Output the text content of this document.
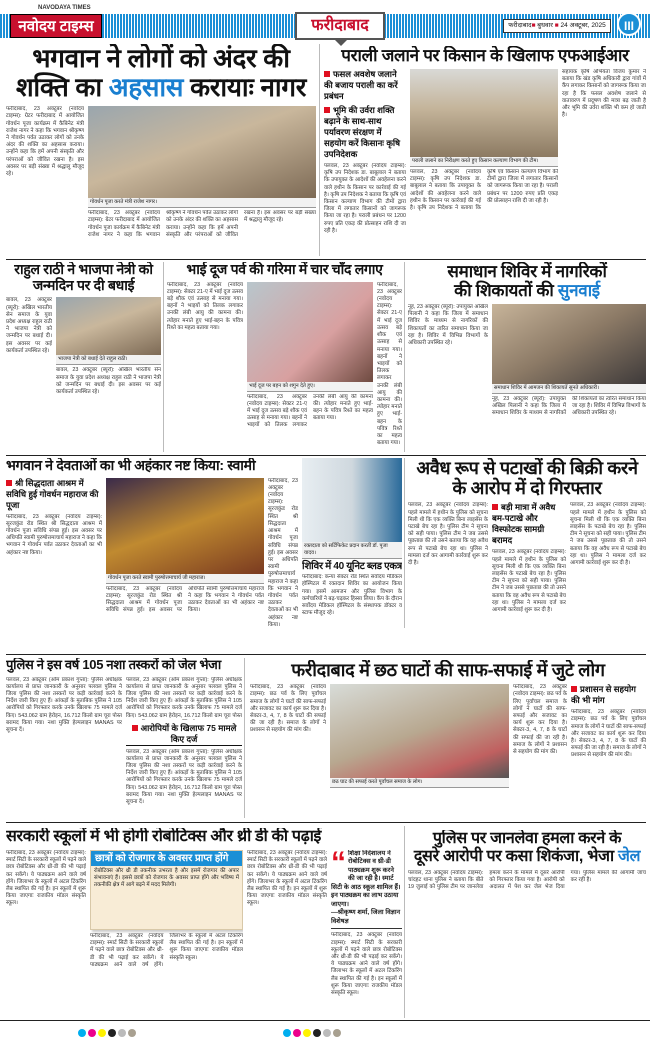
NAVODAYA TIMES
नवोदय टाइम्स	फरीदाबाद	फरीदाबाद■ बुधवार ■ 24 अक्टूबर, 2025	III
भगवान ने लोगों को अंदर की
शक्ति का अहसास करायाः नागर
फरीदाबाद, 23 अक्टूबर (नवोदय टाइम्स): ग्रेटर फरीदाबाद में आयोजित गोवर्धन पूजा कार्यक्रम में कैबिनेट मंत्री राजेश नागर ने कहा कि भगवान श्रीकृष्ण ने गोवर्धन पर्वत उठाकर लोगों को उनके अंदर की शक्ति का अहसास कराया। उन्होंने कहा कि हमें अपनी संस्कृति और परंपराओं को जीवित रखना है। इस अवसर पर बड़ी संख्या में श्रद्धालु मौजूद रहे।
गोवर्धन पूजा करते मंत्री राजेश नागर।
फरीदाबाद, 23 अक्टूबर (नवोदय टाइम्स): ग्रेटर फरीदाबाद में आयोजित गोवर्धन पूजा कार्यक्रम में कैबिनेट मंत्री राजेश नागर ने कहा कि भगवान श्रीकृष्ण ने गोवर्धन पर्वत उठाकर लोगों को उनके अंदर की शक्ति का अहसास कराया। उन्होंने कहा कि हमें अपनी संस्कृति और परंपराओं को जीवित रखना है। इस अवसर पर बड़ी संख्या में श्रद्धालु मौजूद रहे।
पराली जलाने पर किसान के खिलाफ एफआईआर
फसल अवशेष जलाने की बजाय पराली का करें प्रबंधन
भूमि की उर्वरा शक्ति बढ़ाने के साथ-साथ पर्यावरण संरक्षण में सहयोग करें किसानः कृषि उपनिदेशक
पलवल, 23 अक्टूबर (नवोदय टाइम्स): कृषि उप निदेशक डा. बाबूलाल ने बताया कि उपायुक्त के आदेशों की अवहेलना करने वाले हथीन के किसान पर कार्रवाई की गई है। कृषि उप निदेशक ने बताया कि कृषि एवं किसान कल्याण विभाग की टीमों द्वारा जिला में लगातार किसानों को जागरूक किया जा रहा है। पराली प्रबंधन पर 1200 रुपए प्रति एकड़ की प्रोत्साहन राशि दी जा रही है।
पराली जलाने का निरीक्षण करते हुए किसान कल्याण विभाग की टीम।
पलवल, 23 अक्टूबर (नवोदय टाइम्स): कृषि उप निदेशक डा. बाबूलाल ने बताया कि उपायुक्त के आदेशों की अवहेलना करने वाले हथीन के किसान पर कार्रवाई की गई है। कृषि उप निदेशक ने बताया कि कृषि एवं किसान कल्याण विभाग की टीमों द्वारा जिला में लगातार किसानों को जागरूक किया जा रहा है। पराली प्रबंधन पर 1200 रुपए प्रति एकड़ की प्रोत्साहन राशि दी जा रही है।
सहायक कृषि अभियंता विजय कुमार ने बताया कि खंड कृषि अधिकारी द्वारा गांवों में कैंप लगाकर किसानों को जागरूक किया जा रहा है कि फसल अवशेष जलाने से वातावरण में प्रदूषण की मात्रा बढ़ जाती है और भूमि की उर्वरा शक्ति भी कम हो जाती है।
राहुल राठी ने भाजपा नेत्री को जन्मदिन पर दी बधाई
बावल, 23 अक्टूबर (ब्यूरो): अखिल भारतीय सेन समाज के युवा प्रदेश अध्यक्ष राहुल राठी ने भाजपा नेत्री को जन्मदिन पर बधाई दी। इस अवसर पर कई कार्यकर्ता उपस्थित रहे।
भाजपा नेत्री को बधाई देते राहुल राठी।
बावल, 23 अक्टूबर (ब्यूरो): अखिल भारतीय सेन समाज के युवा प्रदेश अध्यक्ष राहुल राठी ने भाजपा नेत्री को जन्मदिन पर बधाई दी। इस अवसर पर कई कार्यकर्ता उपस्थित रहे।
भाई दूज पर्व की गरिमा में चार चाँद लगाए
फरीदाबाद, 23 अक्टूबर (नवोदय टाइम्स): सेक्टर 21-ए में भाई दूज उत्सव बड़े शौक एवं उत्साह से मनाया गया। बहनों ने भाइयों को तिलक लगाकर उनकी लंबी आयु की कामना की। त्योहार मनाते हुए भाई-बहन के पवित्र रिश्ते का महत्व बताया गया।
भाई दूज पर बहन को शगुन देते हुए।
फरीदाबाद, 23 अक्टूबर (नवोदय टाइम्स): सेक्टर 21-ए में भाई दूज उत्सव बड़े शौक एवं उत्साह से मनाया गया। बहनों ने भाइयों को तिलक लगाकर उनकी लंबी आयु की कामना की। त्योहार मनाते हुए भाई-बहन के पवित्र रिश्ते का महत्व बताया गया।
फरीदाबाद, 23 अक्टूबर (नवोदय टाइम्स): सेक्टर 21-ए में भाई दूज उत्सव बड़े शौक एवं उत्साह से मनाया गया। बहनों ने भाइयों को तिलक लगाकर उनकी लंबी आयु की कामना की। त्योहार मनाते हुए भाई-बहन के पवित्र रिश्ते का महत्व बताया गया।
समाधान शिविर में नागरिकों
की शिकायतों की सुनवाई
नूंह, 23 अक्टूबर (ब्यूरो): उपायुक्त अखिल पिलानी ने कहा कि जिला में समाधान शिविर के माध्यम से नागरिकों की शिकायतों का त्वरित समाधान किया जा रहा है। शिविर में विभिन्न विभागों के अधिकारी उपस्थित रहे।
समाधान शिविर में आमजन की शिकायतें सुनते अधिकारी।
नूंह, 23 अक्टूबर (ब्यूरो): उपायुक्त अखिल पिलानी ने कहा कि जिला में समाधान शिविर के माध्यम से नागरिकों की शिकायतों का त्वरित समाधान किया जा रहा है। शिविर में विभिन्न विभागों के अधिकारी उपस्थित रहे।
भगवान ने देवताओं का भी अहंकार नष्ट किया: स्वामी
श्री सिद्धदाता आश्रम में सविधि हुई गोवर्धन महाराज की पूजा
फरीदाबाद, 23 अक्टूबर (नवोदय टाइम्स): सूरजकुंड रोड स्थित श्री सिद्धदाता आश्रम में गोवर्धन पूजा सविधि संपन्न हुई। इस अवसर पर अधिपति स्वामी पुरुषोत्तमाचार्य महाराज ने कहा कि भगवान ने गोवर्धन पर्वत उठाकर देवताओं का भी अहंकार नष्ट किया।
गोवर्धन पूजा करते स्वामी पुरुषोत्तमाचार्य जी महाराज।
फरीदाबाद, 23 अक्टूबर (नवोदय टाइम्स): सूरजकुंड रोड स्थित श्री सिद्धदाता आश्रम में गोवर्धन पूजा सविधि संपन्न हुई। इस अवसर पर अधिपति स्वामी पुरुषोत्तमाचार्य महाराज ने कहा कि भगवान ने गोवर्धन पर्वत उठाकर देवताओं का भी अहंकार नष्ट किया।
फरीदाबाद, 23 अक्टूबर (नवोदय टाइम्स): सूरजकुंड रोड स्थित श्री सिद्धदाता आश्रम में गोवर्धन पूजा सविधि संपन्न हुई। इस अवसर पर अधिपति स्वामी पुरुषोत्तमाचार्य महाराज ने कहा कि भगवान ने गोवर्धन पर्वत उठाकर देवताओं का भी अहंकार नष्ट किया।
रक्तदाता को सर्टिफिकेट प्रदान करतीं डॉ. पूजा यादव।
शिविर में 40 यूनिट ब्लड एकत्र
फरीदाबाद: कन्या सेक्टर रोड स्थित सर्वोदय मेडिकल हॉस्पिटल में रक्तदान शिविर का आयोजन किया गया। इसमें आमजन और पुलिस विभाग के कर्मचारियों ने बढ़-चढ़कर हिस्सा लिया। कैंप के दौरान सर्वोदय मेडिकल हॉस्पिटल के संस्थापक डॉक्टर व स्टाफ मौजूद रहे।
अवैध रूप से पटाखों की बिक्री करने के आरोप में दो गिरफ्तार
पलवल, 23 अक्टूबर (नवोदय टाइम्स): पहले मामले में हथीन के पुलिस को सूचना मिली थी कि एक व्यक्ति बिना लाइसेंस के पटाखे बेच रहा है। पुलिस टीम ने सूचना को सही पाया। पुलिस टीम ने जब उससे पूछताछ की तो उसने बताया कि वह अवैध रूप से पटाखे बेच रहा था। पुलिस ने मामला दर्ज कर आगामी कार्रवाई शुरू कर दी है।
बड़ी मात्रा में अवैध बम-पटाखे और विस्फोटक सामग्री बरामद
पलवल, 23 अक्टूबर (नवोदय टाइम्स): पहले मामले में हथीन के पुलिस को सूचना मिली थी कि एक व्यक्ति बिना लाइसेंस के पटाखे बेच रहा है। पुलिस टीम ने सूचना को सही पाया। पुलिस टीम ने जब उससे पूछताछ की तो उसने बताया कि वह अवैध रूप से पटाखे बेच रहा था। पुलिस ने मामला दर्ज कर आगामी कार्रवाई शुरू कर दी है।
पलवल, 23 अक्टूबर (नवोदय टाइम्स): पहले मामले में हथीन के पुलिस को सूचना मिली थी कि एक व्यक्ति बिना लाइसेंस के पटाखे बेच रहा है। पुलिस टीम ने सूचना को सही पाया। पुलिस टीम ने जब उससे पूछताछ की तो उसने बताया कि वह अवैध रूप से पटाखे बेच रहा था। पुलिस ने मामला दर्ज कर आगामी कार्रवाई शुरू कर दी है।
पुलिस ने इस वर्ष 105 नशा तस्करों को जेल भेजा
पलवल, 23 अक्टूबर (ओम प्रकाश गुप्ता): पुलिस अधीक्षक कार्यालय से प्राप्त जानकारी के अनुसार पलवल पुलिस ने जिला पुलिस की नशा तस्करों पर कड़ी कार्रवाई करने के निर्देश जारी किए हुए हैं। आंकड़ों के मुताबिक पुलिस ने 105 आरोपियों को गिरफ्तार करके उनके खिलाफ 75 मामले दर्ज किए। 543.062 ग्राम हेरोइन, 16.712 किलो ग्राम चूरा पोस्त बरामद किया गया। नशा मुक्ति हेल्पलाइन MANAS पर सूचना दें।
पलवल, 23 अक्टूबर (ओम प्रकाश गुप्ता): पुलिस अधीक्षक कार्यालय से प्राप्त जानकारी के अनुसार पलवल पुलिस ने जिला पुलिस की नशा तस्करों पर कड़ी कार्रवाई करने के निर्देश जारी किए हुए हैं। आंकड़ों के मुताबिक पुलिस ने 105 आरोपियों को गिरफ्तार करके उनके खिलाफ 75 मामले दर्ज किए। 543.062 ग्राम हेरोइन, 16.712 किलो ग्राम चूरा पोस्त
आरोपियों के खिलाफ 75 मामले किए दर्ज
पलवल, 23 अक्टूबर (ओम प्रकाश गुप्ता): पुलिस अधीक्षक कार्यालय से प्राप्त जानकारी के अनुसार पलवल पुलिस ने जिला पुलिस की नशा तस्करों पर कड़ी कार्रवाई करने के निर्देश जारी किए हुए हैं। आंकड़ों के मुताबिक पुलिस ने 105 आरोपियों को गिरफ्तार करके उनके खिलाफ 75 मामले दर्ज किए। 543.062 ग्राम हेरोइन, 16.712 किलो ग्राम चूरा पोस्त बरामद किया गया। नशा मुक्ति हेल्पलाइन MANAS पर सूचना दें।
फरीदाबाद में छठ घाटों की साफ-सफाई में जुटे लोग
फरीदाबाद, 23 अक्टूबर (नवोदय टाइम्स): छठ पर्व के लिए पूर्वांचल समाज के लोगों ने घाटों की साफ-सफाई और सजावट का कार्य शुरू कर दिया है। सेक्टर-3, 4, 7, 8 के घाटों की सफाई की जा रही है। समाज के लोगों ने प्रशासन से सहयोग की मांग की।
छठ घाट की सफाई करते पूर्वांचल समाज के लोग।
फरीदाबाद, 23 अक्टूबर (नवोदय टाइम्स): छठ पर्व के लिए पूर्वांचल समाज के लोगों ने घाटों की साफ-सफाई और सजावट का कार्य शुरू कर दिया है। सेक्टर-3, 4, 7, 8 के घाटों की सफाई की जा रही है। समाज के लोगों ने प्रशासन से सहयोग की मांग की।
प्रशासन से सहयोग की भी मांग
फरीदाबाद, 23 अक्टूबर (नवोदय टाइम्स): छठ पर्व के लिए पूर्वांचल समाज के लोगों ने घाटों की साफ-सफाई और सजावट का कार्य शुरू कर दिया है। सेक्टर-3, 4, 7, 8 के घाटों की सफाई की जा रही है। समाज के लोगों ने प्रशासन से सहयोग की मांग की।
सरकारी स्कूलों में भी होगी रोबोटिक्स और थ्री डी की पढ़ाई
फरीदाबाद, 23 अक्टूबर (नवोदय टाइम्स): स्मार्ट सिटी के सरकारी स्कूलों में पढ़ने वाले छात्र रोबोटिक्स और थ्री-डी की भी पढ़ाई कर सकेंगे। ये पाठ्यक्रम आने वाले वर्ष होंगे। जिलाभर के स्कूलों में अटल टिंकरिंग लैब स्थापित की गई है। इन स्कूलों में शुरू किया जाएगाः राजकीय मॉडल संस्कृति स्कूल।
छात्रों को रोजगार के अवसर प्राप्त होंगे
रोबोटिक्स और थ्री डी तकनीक उभरता है और इसमें रोजगार की अपार संभावनाएं हैं। इससे छात्रों को रोजगार के अवसर प्राप्त होंगे और भविष्य में तकनीकी क्षेत्र में आगे बढ़ने में मदद मिलेगी।
फरीदाबाद, 23 अक्टूबर (नवोदय टाइम्स): स्मार्ट सिटी के सरकारी स्कूलों में पढ़ने वाले छात्र रोबोटिक्स और थ्री-डी की भी पढ़ाई कर सकेंगे। ये पाठ्यक्रम आने वाले वर्ष होंगे। जिलाभर के स्कूलों में अटल टिंकरिंग लैब स्थापित की गई है। इन स्कूलों में शुरू किया जाएगाः राजकीय मॉडल संस्कृति स्कूल।
फरीदाबाद, 23 अक्टूबर (नवोदय टाइम्स): स्मार्ट सिटी के सरकारी स्कूलों में पढ़ने वाले छात्र रोबोटिक्स और थ्री-डी की भी पढ़ाई कर सकेंगे। ये पाठ्यक्रम आने वाले वर्ष होंगे। जिलाभर के स्कूलों में अटल टिंकरिंग लैब स्थापित की गई है। इन स्कूलों में शुरू किया जाएगाः राजकीय मॉडल संस्कृति स्कूल।
“ शिक्षा निदेशालय ने रोबोटिक्स व थ्री-डी पाठ्यक्रम शुरू करने की जा रही है। स्मार्ट सिटी के आठ स्कूल शामिल हैं। इन पाठ्यक्रम का लाभ उठाया जाएगा।
—श्रीकृष्ण शर्मा, जिला विज्ञान विशेषज्ञ
फरीदाबाद, 23 अक्टूबर (नवोदय टाइम्स): स्मार्ट सिटी के सरकारी स्कूलों में पढ़ने वाले छात्र रोबोटिक्स और थ्री-डी की भी पढ़ाई कर सकेंगे। ये पाठ्यक्रम आने वाले वर्ष होंगे। जिलाभर के स्कूलों में अटल टिंकरिंग लैब स्थापित की गई है। इन स्कूलों में शुरू किया जाएगाः राजकीय मॉडल संस्कृति स्कूल।
पुलिस पर जानलेवा हमला करने के
दूसरे आरोपी पर कसा शिकंजा, भेजा जेल
पलवल, 23 अक्टूबर (नवोदय टाइम्स): चांदहट थाना पुलिस ने बताया कि बीते 19 जुलाई को पुलिस टीम पर जानलेवा हमला करने के मामले में दूसरे आरोपी को गिरफ्तार किया गया है। आरोपी को अदालत में पेश कर जेल भेज दिया गया। पुलिस मामले की आगामी जांच कर रही है।
